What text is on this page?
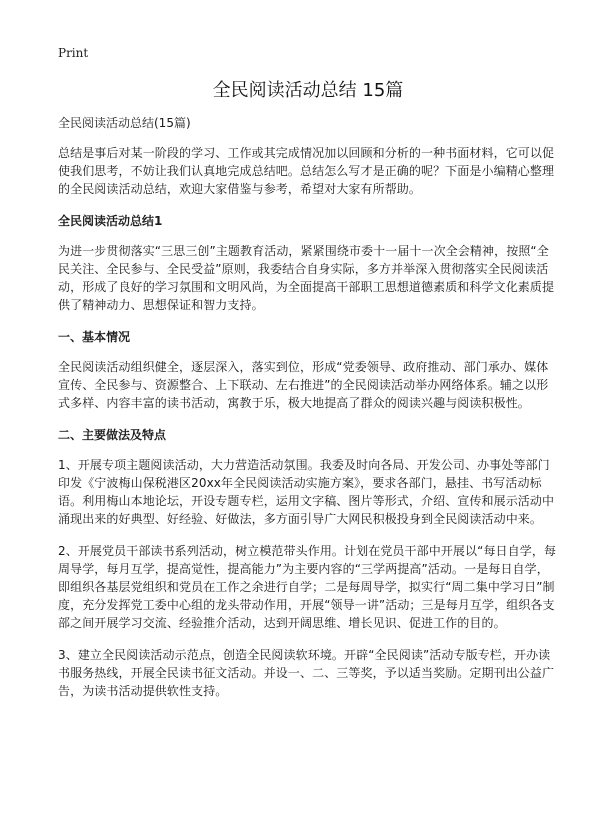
Print
全民阅读活动总结 15篇
全民阅读活动总结(15篇)

总结是事后对某一阶段的学习、工作或其完成情况加以回顾和分析的一种书面材料，它可以促使我们思考，不妨让我们认真地完成总结吧。总结怎么写才是正确的呢？下面是小编精心整理的全民阅读活动总结，欢迎大家借鉴与参考，希望对大家有所帮助。

全民阅读活动总结1

为进一步贯彻落实“三思三创”主题教育活动，紧紧围绕市委十一届十一次全会精神，按照“全民关注、全民参与、全民受益”原则，我委结合自身实际，多方并举深入贯彻落实全民阅读活动，形成了良好的学习氛围和文明风尚，为全面提高干部职工思想道德素质和科学文化素质提供了精神动力、思想保证和智力支持。

一、基本情况

全民阅读活动组织健全，逐层深入，落实到位，形成“党委领导、政府推动、部门承办、媒体宣传、全民参与、资源整合、上下联动、左右推进”的全民阅读活动举办网络体系。辅之以形式多样、内容丰富的读书活动，寓教于乐，极大地提高了群众的阅读兴趣与阅读积极性。

二、主要做法及特点

1、开展专项主题阅读活动，大力营造活动氛围。我委及时向各局、开发公司、办事处等部门印发《宁波梅山保税港区20xx年全民阅读活动实施方案》，要求各部门，悬挂、书写活动标语。利用梅山本地论坛，开设专题专栏，运用文字稿、图片等形式，介绍、宣传和展示活动中涌现出来的好典型、好经验、好做法，多方面引导广大网民积极投身到全民阅读活动中来。

2、开展党员干部读书系列活动，树立模范带头作用。计划在党员干部中开展以“每日自学，每周导学，每月互学，提高觉性，提高能力”为主要内容的“三学两提高”活动。一是每日自学，即组织各基层党组织和党员在工作之余进行自学；二是每周导学，拟实行“周二集中学习日”制度，充分发挥党工委中心组的龙头带动作用，开展“领导一讲”活动；三是每月互学，组织各支部之间开展学习交流、经验推介活动，达到开阔思维、增长见识、促进工作的目的。

3、建立全民阅读活动示范点，创造全民阅读软环境。开辟“全民阅读”活动专版专栏，开办读书服务热线，开展全民读书征文活动。并设一、二、三等奖，予以适当奖励。定期刊出公益广告，为读书活动提供软性支持。
